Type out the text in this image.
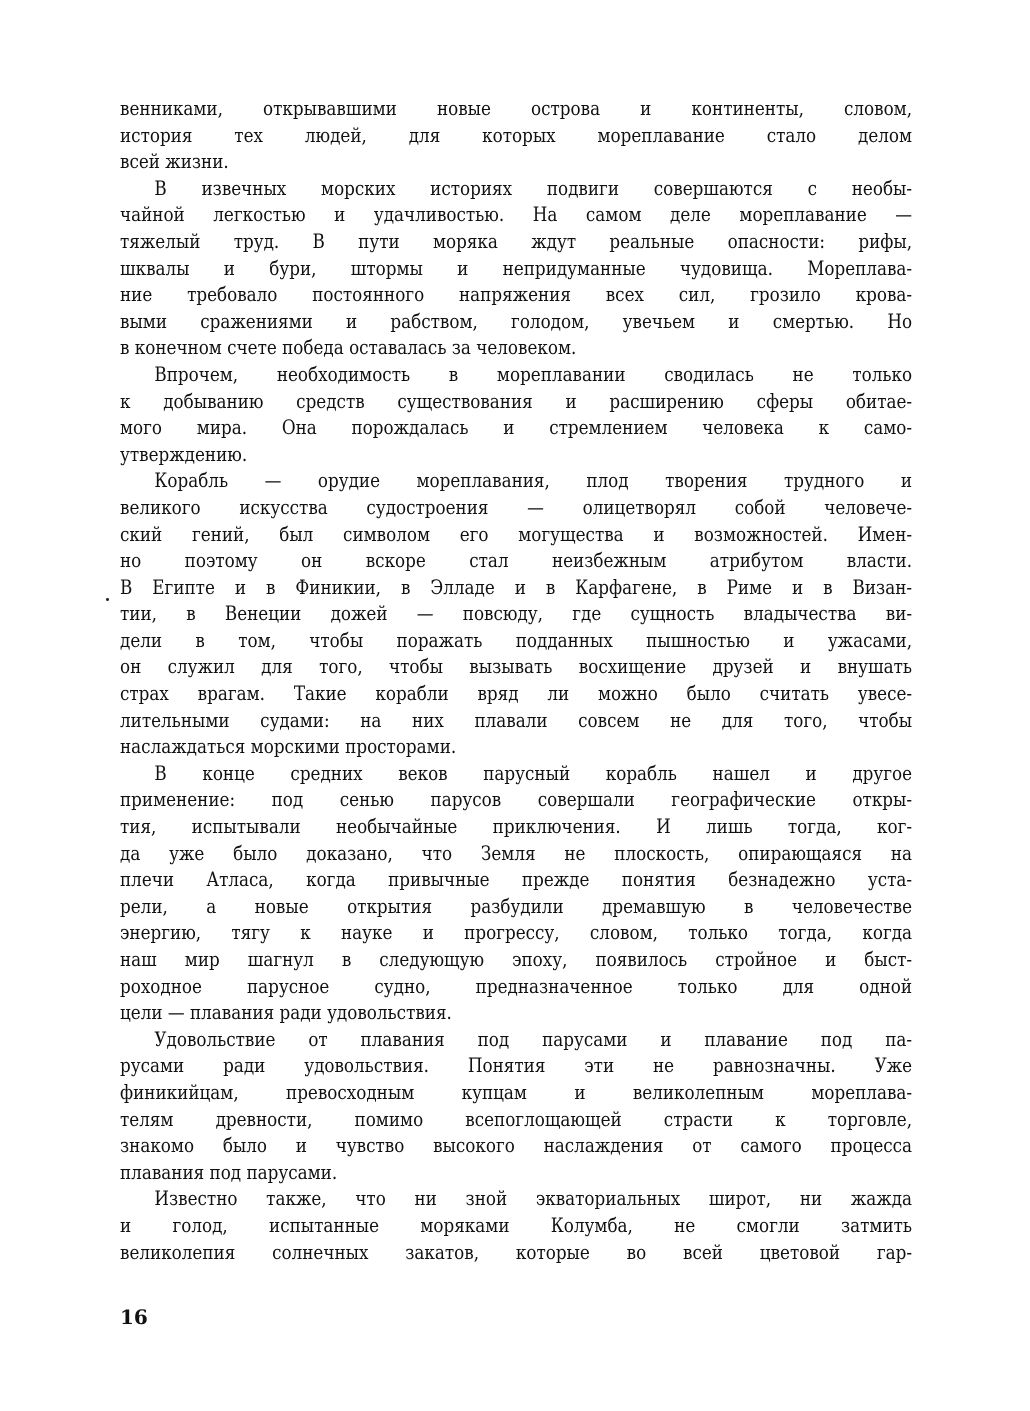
венниками, открывавшими новые острова и континенты, словом,
история тех людей, для которых мореплавание стало делом
всей жизни.
В извечных морских историях подвиги совершаются с необы-
чайной легкостью и удачливостью. На самом деле мореплавание —
тяжелый труд. В пути моряка ждут реальные опасности: рифы,
шквалы и бури, штормы и непридуманные чудовища. Мореплава-
ние требовало постоянного напряжения всех сил, грозило крова-
выми сражениями и рабством, голодом, увечьем и смертью. Но
в конечном счете победа оставалась за человеком.
Впрочем, необходимость в мореплавании сводилась не только
к добыванию средств существования и расширению сферы обитае-
мого мира. Она порождалась и стремлением человека к само-
утверждению.
Корабль — орудие мореплавания, плод творения трудного и
великого искусства судостроения — олицетворял собой человече-
ский гений, был символом его могущества и возможностей. Имен-
но поэтому он вскоре стал неизбежным атрибутом власти.
В Египте и в Финикии, в Элладе и в Карфагене, в Риме и в Визан-
тии, в Венеции дожей — повсюду, где сущность владычества ви-
дели в том, чтобы поражать подданных пышностью и ужасами,
он служил для того, чтобы вызывать восхищение друзей и внушать
страх врагам. Такие корабли вряд ли можно было считать увесе-
лительными судами: на них плавали совсем не для того, чтобы
наслаждаться морскими просторами.
В конце средних веков парусный корабль нашел и другое
применение: под сенью парусов совершали географические откры-
тия, испытывали необычайные приключения. И лишь тогда, ког-
да уже было доказано, что Земля не плоскость, опирающаяся на
плечи Атласа, когда привычные прежде понятия безнадежно уста-
рели, а новые открытия разбудили дремавшую в человечестве
энергию, тягу к науке и прогрессу, словом, только тогда, когда
наш мир шагнул в следующую эпоху, появилось стройное и быст-
роходное парусное судно, предназначенное только для одной
цели — плавания ради удовольствия.
Удовольствие от плавания под парусами и плавание под па-
русами ради удовольствия. Понятия эти не равнозначны. Уже
финикийцам, превосходным купцам и великолепным мореплава-
телям древности, помимо всепоглощающей страсти к торговле,
знакомо было и чувство высокого наслаждения от самого процесса
плавания под парусами.
Известно также, что ни зной экваториальных широт, ни жажда
и голод, испытанные моряками Колумба, не смогли затмить
великолепия солнечных закатов, которые во всей цветовой гар-
16
